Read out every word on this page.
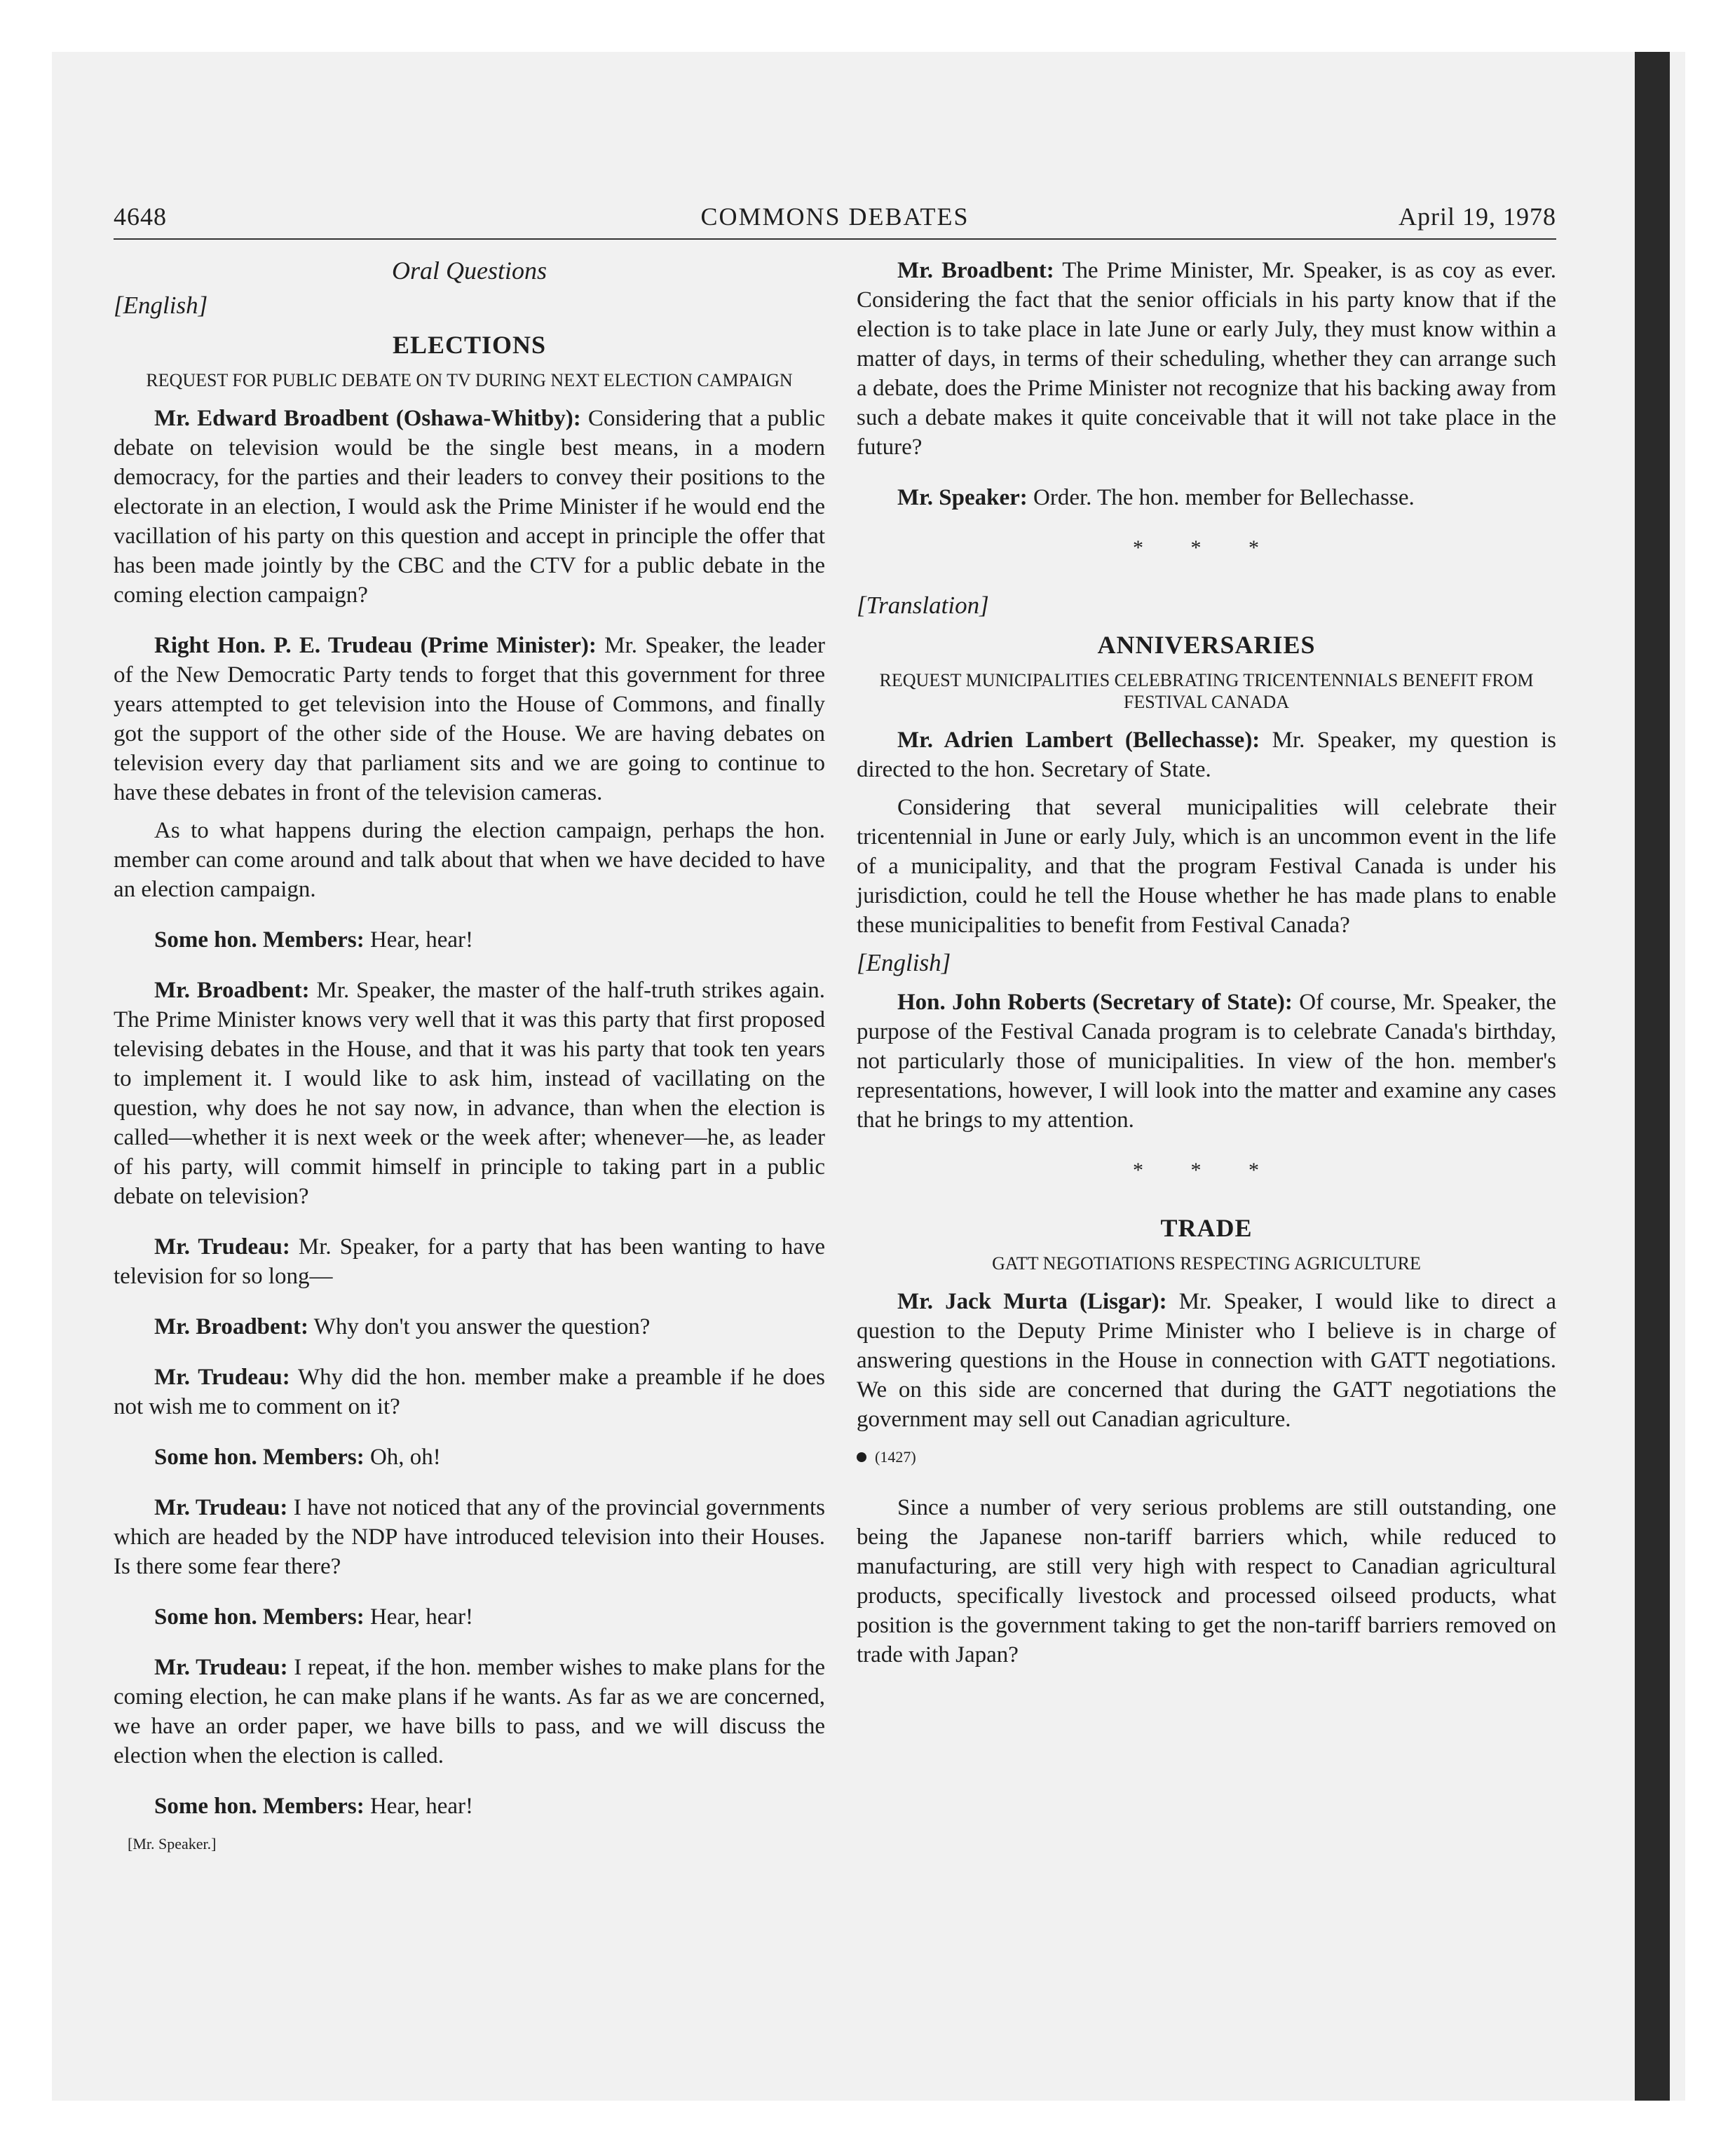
4648	COMMONS DEBATES	April 19, 1978
Oral Questions
[English]
ELECTIONS
REQUEST FOR PUBLIC DEBATE ON TV DURING NEXT ELECTION CAMPAIGN

Mr. Edward Broadbent (Oshawa-Whitby): Considering that a public debate on television would be the single best means, in a modern democracy, for the parties and their leaders to convey their positions to the electorate in an election, I would ask the Prime Minister if he would end the vacillation of his party on this question and accept in principle the offer that has been made jointly by the CBC and the CTV for a public debate in the coming election campaign?

Right Hon. P. E. Trudeau (Prime Minister): Mr. Speaker, the leader of the New Democratic Party tends to forget that this government for three years attempted to get television into the House of Commons, and finally got the support of the other side of the House. We are having debates on television every day that parliament sits and we are going to continue to have these debates in front of the television cameras.

As to what happens during the election campaign, perhaps the hon. member can come around and talk about that when we have decided to have an election campaign.

Some hon. Members: Hear, hear!

Mr. Broadbent: Mr. Speaker, the master of the half-truth strikes again. The Prime Minister knows very well that it was this party that first proposed televising debates in the House, and that it was his party that took ten years to implement it. I would like to ask him, instead of vacillating on the question, why does he not say now, in advance, than when the election is called—whether it is next week or the week after; whenever—he, as leader of his party, will commit himself in principle to taking part in a public debate on television?

Mr. Trudeau: Mr. Speaker, for a party that has been wanting to have television for so long—

Mr. Broadbent: Why don't you answer the question?

Mr. Trudeau: Why did the hon. member make a preamble if he does not wish me to comment on it?

Some hon. Members: Oh, oh!

Mr. Trudeau: I have not noticed that any of the provincial governments which are headed by the NDP have introduced television into their Houses. Is there some fear there?

Some hon. Members: Hear, hear!

Mr. Trudeau: I repeat, if the hon. member wishes to make plans for the coming election, he can make plans if he wants. As far as we are concerned, we have an order paper, we have bills to pass, and we will discuss the election when the election is called.

Some hon. Members: Hear, hear!

[Mr. Speaker.]

Mr. Broadbent: The Prime Minister, Mr. Speaker, is as coy as ever. Considering the fact that the senior officials in his party know that if the election is to take place in late June or early July, they must know within a matter of days, in terms of their scheduling, whether they can arrange such a debate, does the Prime Minister not recognize that his backing away from such a debate makes it quite conceivable that it will not take place in the future?

Mr. Speaker: Order. The hon. member for Bellechasse.

* * *
[Translation]
ANNIVERSARIES
REQUEST MUNICIPALITIES CELEBRATING TRICENTENNIALS BENEFIT FROM FESTIVAL CANADA

Mr. Adrien Lambert (Bellechasse): Mr. Speaker, my question is directed to the hon. Secretary of State.

Considering that several municipalities will celebrate their tricentennial in June or early July, which is an uncommon event in the life of a municipality, and that the program Festival Canada is under his jurisdiction, could he tell the House whether he has made plans to enable these municipalities to benefit from Festival Canada?

[English]

Hon. John Roberts (Secretary of State): Of course, Mr. Speaker, the purpose of the Festival Canada program is to celebrate Canada's birthday, not particularly those of municipalities. In view of the hon. member's representations, however, I will look into the matter and examine any cases that he brings to my attention.

* * *
TRADE
GATT NEGOTIATIONS RESPECTING AGRICULTURE

Mr. Jack Murta (Lisgar): Mr. Speaker, I would like to direct a question to the Deputy Prime Minister who I believe is in charge of answering questions in the House in connection with GATT negotiations. We on this side are concerned that during the GATT negotiations the government may sell out Canadian agriculture.

(1427)

Since a number of very serious problems are still outstanding, one being the Japanese non-tariff barriers which, while reduced to manufacturing, are still very high with respect to Canadian agricultural products, specifically livestock and processed oilseed products, what position is the government taking to get the non-tariff barriers removed on trade with Japan?
